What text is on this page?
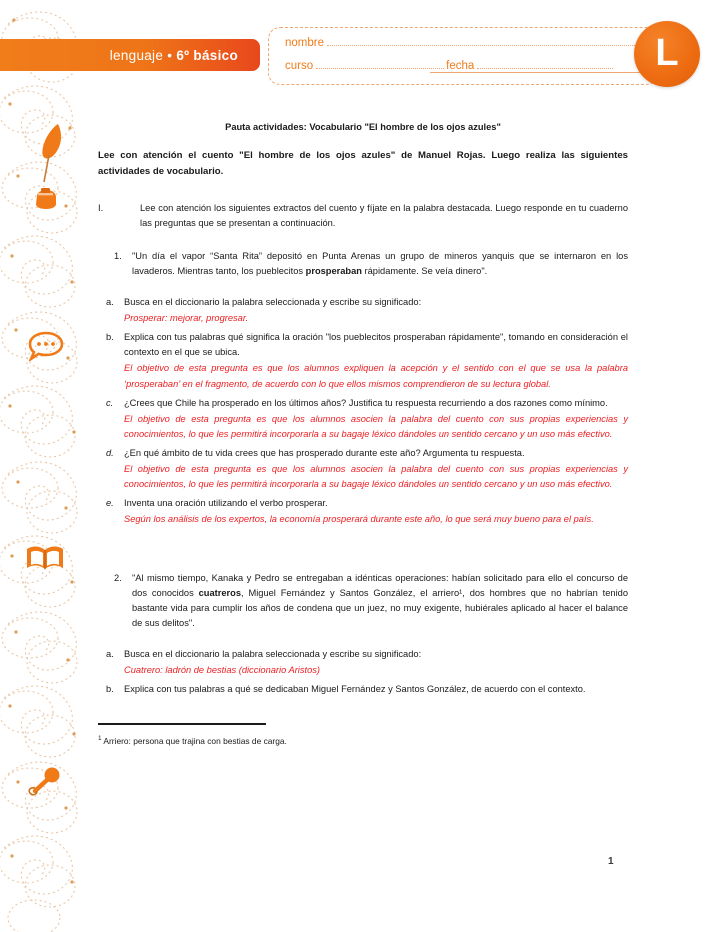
lenguaje • 6º básico
nombre
curso	fecha	L
Pauta actividades: Vocabulario "El hombre de los ojos azules"

Lee con atención el cuento "El hombre de los ojos azules" de Manuel Rojas. Luego realiza las siguientes actividades de vocabulario.

I.	Lee con atención los siguientes extractos del cuento y fíjate en la palabra destacada. Luego responde en tu cuaderno las preguntas que se presentan a continuación.
1.	"Un día el vapor “Santa Rita” depositó en Punta Arenas un grupo de mineros yanquis que se internaron en los lavaderos. Mientras tanto, los pueblecitos prosperaban rápidamente. Se veía dinero".
a.	Busca en el diccionario la palabra seleccionada y escribe su significado:
Prosperar: mejorar, progresar.
b.	Explica con tus palabras qué significa la oración "los pueblecitos prosperaban rápidamente", tomando en consideración el contexto en el que se ubica.
El objetivo de esta pregunta es que los alumnos expliquen la acepción y el sentido con el que se usa la palabra ‘prosperaban’ en el fragmento, de acuerdo con lo que ellos mismos comprendieron de su lectura global.
c.	¿Crees que Chile ha prosperado en los últimos años? Justifica tu respuesta recurriendo a dos razones como mínimo.
El objetivo de esta pregunta es que los alumnos asocien la palabra del cuento con sus propias experiencias y conocimientos, lo que les permitirá incorporarla a su bagaje léxico dándoles un sentido cercano y un uso más efectivo.
d.	¿En qué ámbito de tu vida crees que has prosperado durante este año? Argumenta tu respuesta.
El objetivo de esta pregunta es que los alumnos asocien la palabra del cuento con sus propias experiencias y conocimientos, lo que les permitirá incorporarla a su bagaje léxico dándoles un sentido cercano y un uso más efectivo.
e.	Inventa una oración utilizando el verbo prosperar.
Según los análisis de los expertos, la economía prosperará durante este año, lo que será muy bueno para el país.
2.	"Al mismo tiempo, Kanaka y Pedro se entregaban a idénticas operaciones: habían solicitado para ello el concurso de dos conocidos cuatreros, Miguel Fernández y Santos González, el arriero¹, dos hombres que no habrían tenido bastante vida para cumplir los años de condena que un juez, no muy exigente, hubiérales aplicado al hacer el balance de sus delitos".
a.	Busca en el diccionario la palabra seleccionada y escribe su significado:
Cuatrero: ladrón de bestias (diccionario Aristos)
b.	Explica con tus palabras a qué se dedicaban Miguel Fernández y Santos González, de acuerdo con el contexto.
$^1$ Arriero: persona que trajina con bestias de carga.
1
